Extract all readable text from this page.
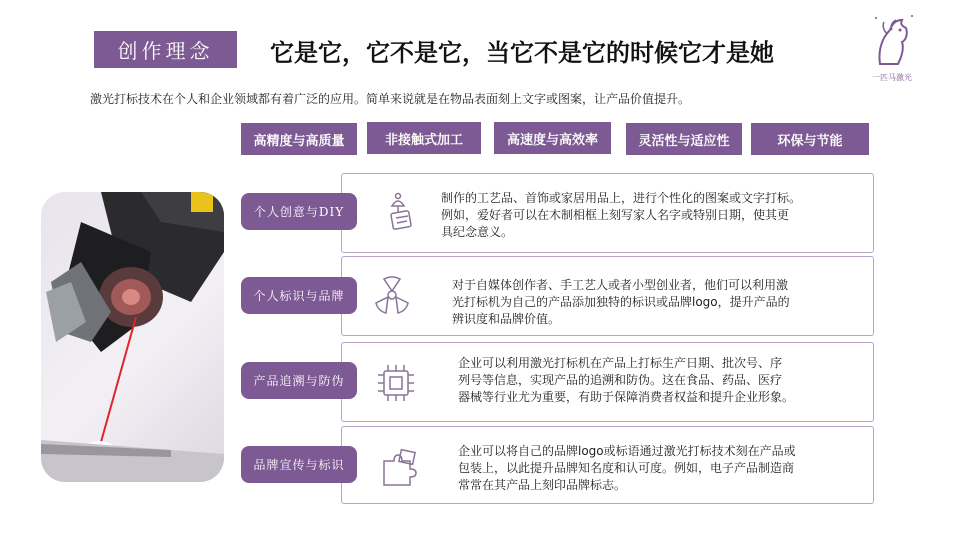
创作理念	它是它，它不是它，当它不是它的时候它才是她
一匹马激光
激光打标技术在个人和企业领域都有着广泛的应用。简单来说就是在物品表面刻上文字或图案，让产品价值提升。
高精度与高质量	非接触式加工	高速度与高效率	灵活性与适应性	环保与节能
制作的工艺品、首饰或家居用品上，进行个性化的图案或文字打标。
例如，爱好者可以在木制相框上刻写家人名字或特别日期，使其更
具纪念意义。
个人创意与DIY
对于自媒体创作者、手工艺人或者小型创业者，他们可以利用激
光打标机为自己的产品添加独特的标识或品牌logo，提升产品的
辨识度和品牌价值。
个人标识与品牌
企业可以利用激光打标机在产品上打标生产日期、批次号、序
列号等信息，实现产品的追溯和防伪。这在食品、药品、医疗
器械等行业尤为重要，有助于保障消费者权益和提升企业形象。
产品追溯与防伪
企业可以将自己的品牌logo或标语通过激光打标技术刻在产品或
包装上，以此提升品牌知名度和认可度。例如，电子产品制造商
常常在其产品上刻印品牌标志。
品牌宣传与标识
